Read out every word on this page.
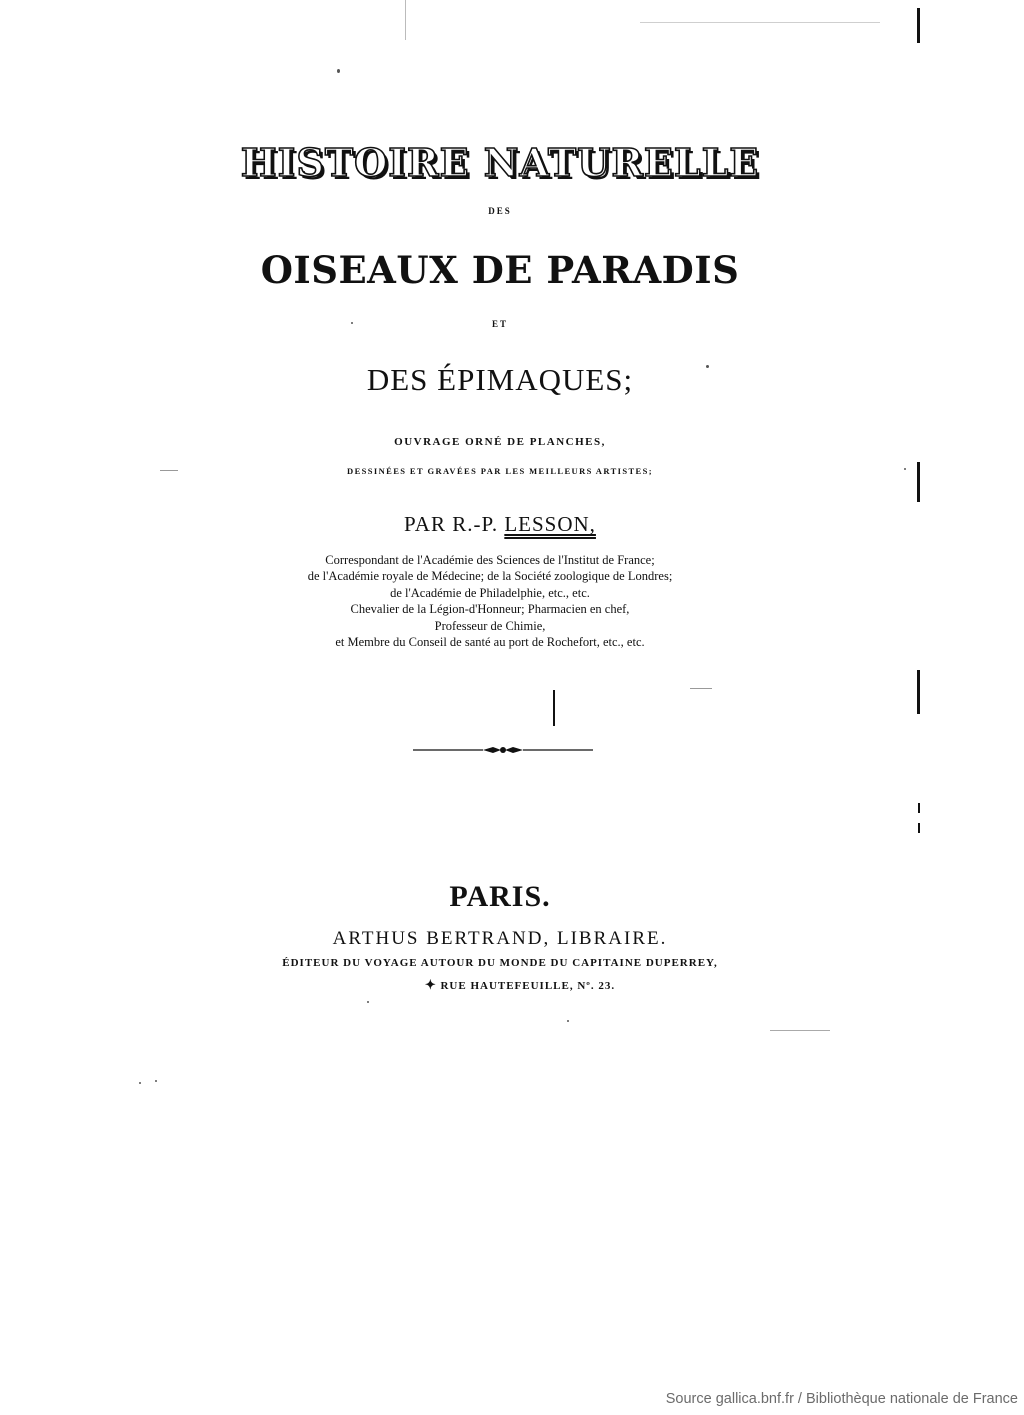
HISTOIRE NATURELLE
DES
OISEAUX DE PARADIS
ET
DES ÉPIMAQUES;
OUVRAGE ORNÉ DE PLANCHES,
DESSINÉES ET GRAVÉES PAR LES MEILLEURS ARTISTES;
PAR R.-P. LESSON,
Correspondant de l'Académie des Sciences de l'Institut de France;
de l'Académie royale de Médecine; de la Société zoologique de Londres;
de l'Académie de Philadelphie, etc., etc.
Chevalier de la Légion-d'Honneur; Pharmacien en chef,
Professeur de Chimie,
et Membre du Conseil de santé au port de Rochefort, etc., etc.
PARIS.
ARTHUS BERTRAND, LIBRAIRE.
ÉDITEUR DU VOYAGE AUTOUR DU MONDE DU CAPITAINE DUPERREY,
✦ RUE HAUTEFEUILLE, Nº. 23.
Source gallica.bnf.fr / Bibliothèque nationale de France
